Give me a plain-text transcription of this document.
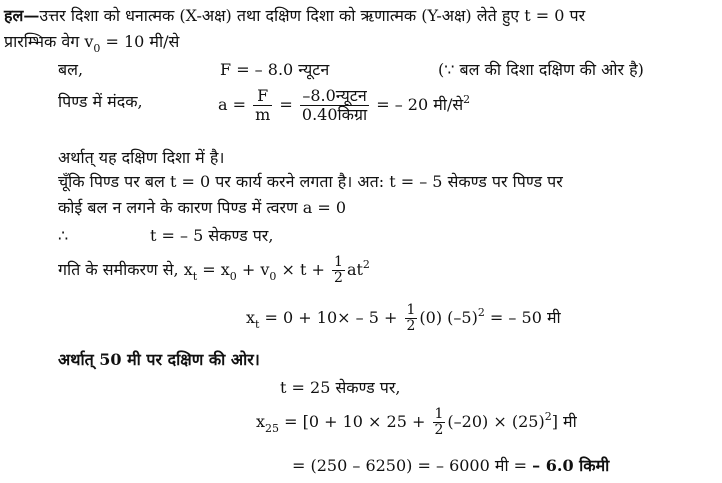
हल—उत्तर दिशा को धनात्मक (X-अक्ष) तथा दक्षिण दिशा को ऋणात्मक (Y-अक्ष) लेते हुए t = 0 पर
प्रारम्भिक वेग $v_0 = 10$ मी/से
बल,	F = – 8.0 न्यूटन	(∵ बल की दिशा दक्षिण की ओर है)
पिण्ड में मंदक,	$a = \frac{F}{m} = \frac{\text{–8.0न्यूटन}}{\text{0.40किग्रा}}$ = – 20 मी/से$^2$
अर्थात् यह दक्षिण दिशा में है।
चूँकि पिण्ड पर बल t = 0 पर कार्य करने लगता है। अत: t = – 5 सेकण्ड पर पिण्ड पर
कोई बल न लगने के कारण पिण्ड में त्वरण a = 0
∴	t = – 5 सेकण्ड पर,
गति के समीकरण से, $x_t = x_0 + v_0 \times t + \frac{1}{2} at^2$
$x_t = 0 + 10\times - 5 + \frac{1}{2} (0) (-5)^2$ = – 50 मी
अर्थात् 50 मी पर दक्षिण की ओर।
t = 25 सेकण्ड पर,
$x_{25} = [0 + 10 \times 25 + \frac{1}{2} (-20) \times (25)^2]$ मी
= (250 – 6250) = – 6000 मी = – 6.0 किमी
